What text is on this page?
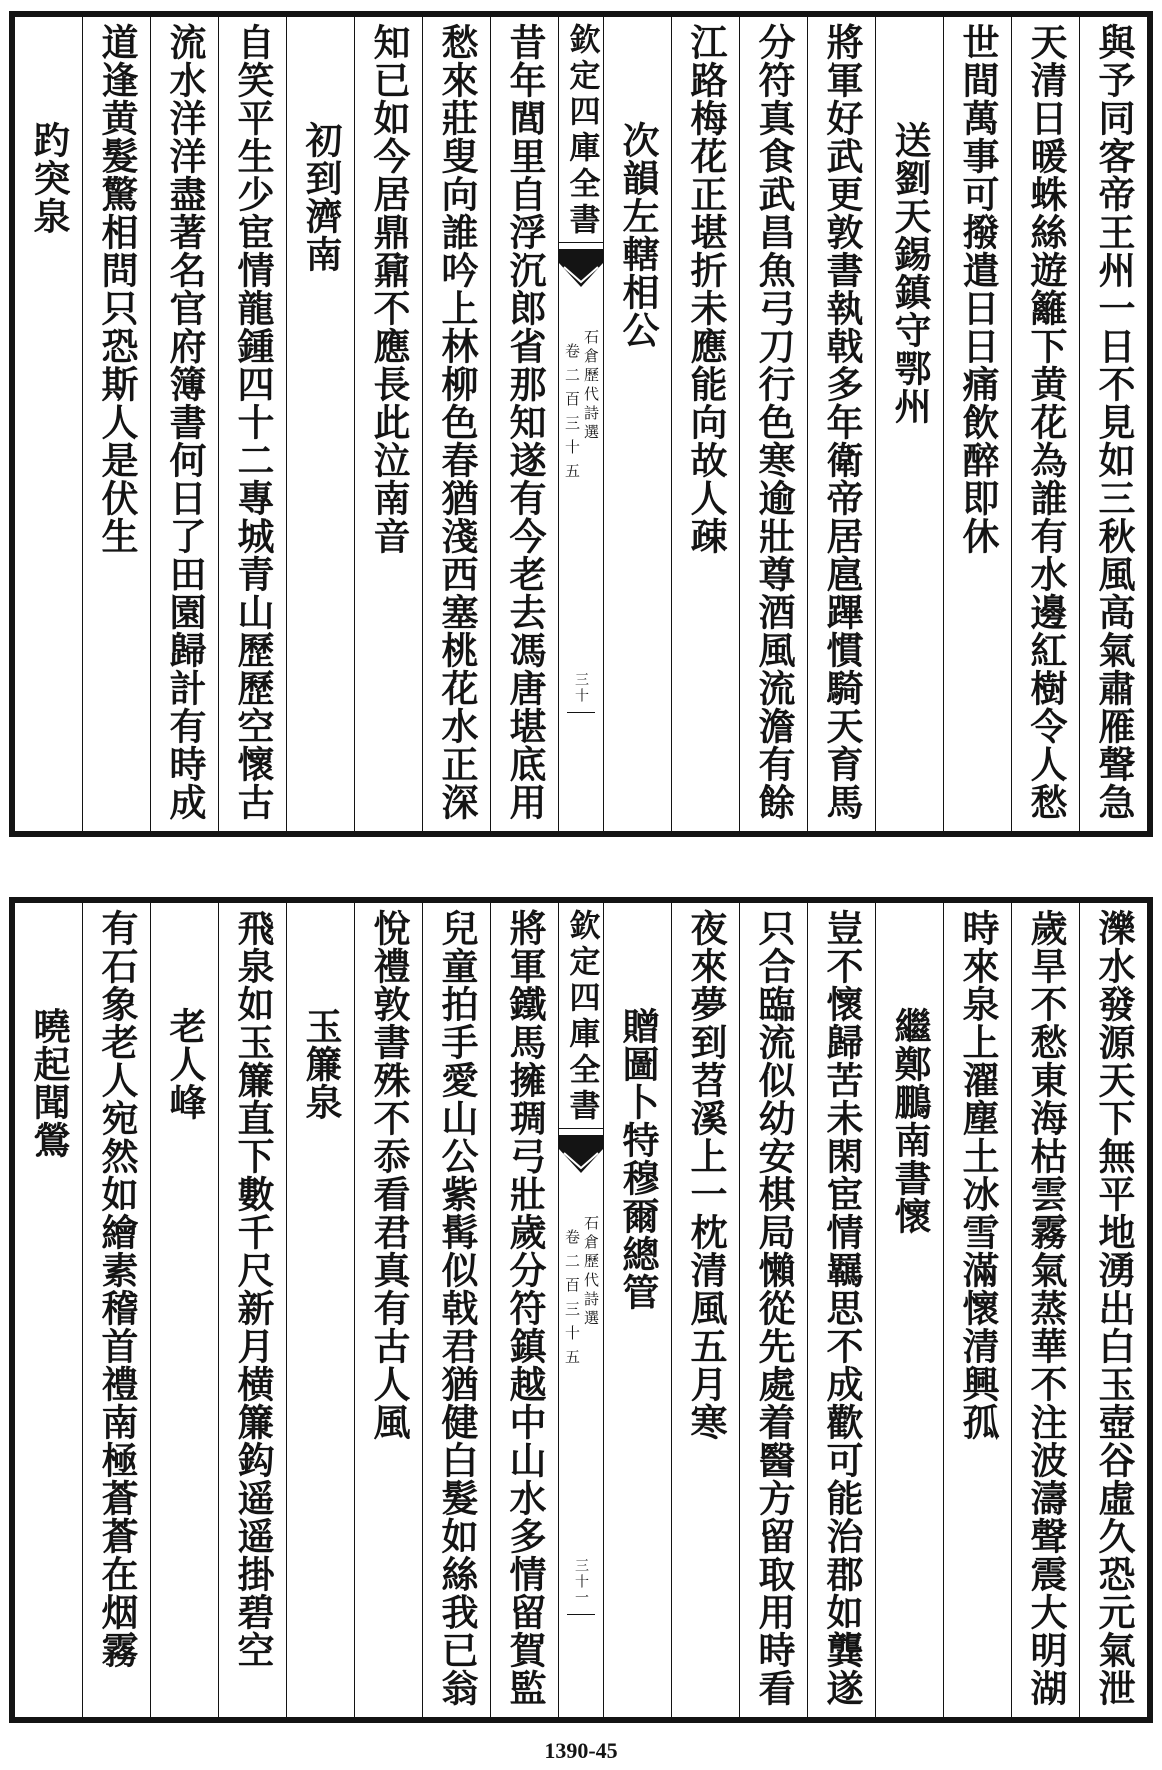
昔年閭里自浮沉郎省那知遂有今老去馮唐堪底用
愁來莊叟向誰吟上林柳色春猶淺西塞桃花水正深
知已如今居鼎鼐不應長此泣南音
初到濟南
自笑平生少宦情龍鍾四十二專城青山歷歷空懷古
流水洋洋盡著名官府簿書何日了田園歸計有時成
道逢黄髮驚相問只恐斯人是伏生
趵突泉	欽定四庫全書
石倉歷代詩選
卷二百三十五
三十	與予同客帝王州一日不見如三秋風高氣肅雁聲急
天清日暖蛛絲遊籬下黄花為誰有水邊紅樹令人愁
世間萬事可撥遣日日痛飲醉即休
送劉天錫鎮守鄂州
將軍好武更敦書執戟多年衛帝居扈蹕慣騎天育馬
分符真食武昌魚弓刀行色寒逾壯尊酒風流澹有餘
江路梅花正堪折未應能向故人疎
次韻左轄相公
將軍鐵馬擁琱弓壯歲分符鎮越中山水多情留賀監
兒童拍手愛山公紫髯似戟君猶健白髮如絲我已翁
悅禮敦書殊不忝看君真有古人風
玉簾泉
飛泉如玉簾直下數千尺新月横簾鈎遥遥掛碧空
老人峰
有石象老人宛然如繪素稽首禮南極蒼蒼在烟霧
曉起聞鶯	欽定四庫全書
石倉歷代詩選
卷二百三十五
三十一	濼水發源天下無平地湧出白玉壺谷虛久恐元氣泄
歲旱不愁東海枯雲霧氣蒸華不注波濤聲震大明湖
時來泉上濯塵土冰雪滿懷清興孤
繼鄭鵬南書懷
豈不懷歸苦未閑宦情羈思不成歡可能治郡如龔遂
只合臨流似幼安棋局懶從先處着醫方留取用時看
夜來夢到苕溪上一枕清風五月寒
贈圖卜特穆爾總管
1390-45
